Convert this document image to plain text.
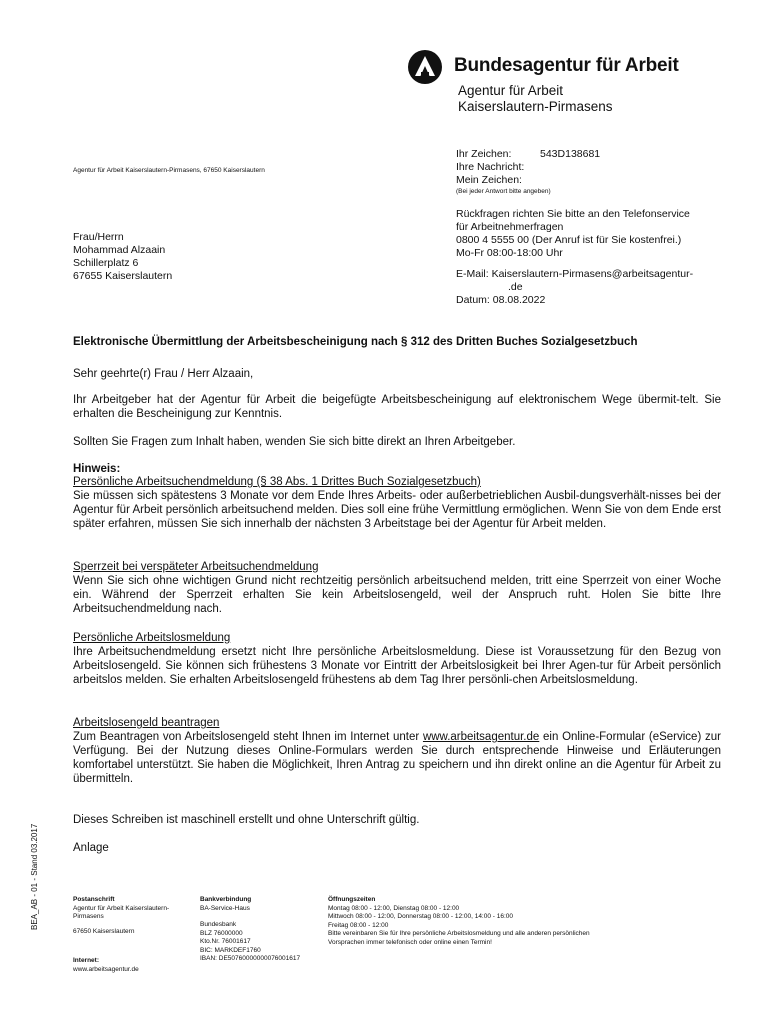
Bundesagentur für Arbeit
Agentur für Arbeit
Kaiserslautern-Pirmasens
Agentur für Arbeit Kaiserslautern-Pirmasens, 67650 Kaiserslautern
Ihr Zeichen:	543D138681
Ihre Nachricht:
Mein Zeichen:
(Bei jeder Antwort bitte angeben)
Frau/Herrn
Mohammad Alzaain
Schillerplatz 6
67655 Kaiserslautern
Rückfragen richten Sie bitte an den Telefonservice
für Arbeitnehmerfragen
0800 4 5555 00 (Der Anruf ist für Sie kostenfrei.)
Mo-Fr 08:00-18:00 Uhr
E-Mail: Kaiserslautern-Pirmasens@arbeitsagentur-
.de
Datum: 08.08.2022
Elektronische Übermittlung der Arbeitsbescheinigung nach § 312 des Dritten Buches Sozialgesetzbuch
Sehr geehrte(r) Frau / Herr Alzaain,
Ihr Arbeitgeber hat der Agentur für Arbeit die beigefügte Arbeitsbescheinigung auf elektronischem Wege übermit-telt. Sie erhalten die Bescheinigung zur Kenntnis.
Sollten Sie Fragen zum Inhalt haben, wenden Sie sich bitte direkt an Ihren Arbeitgeber.
Hinweis:

Persönliche Arbeitsuchendmeldung (§ 38 Abs. 1 Drittes Buch Sozialgesetzbuch)

Sie müssen sich spätestens 3 Monate vor dem Ende Ihres Arbeits- oder außerbetrieblichen Ausbil-dungsverhält-nisses bei der Agentur für Arbeit persönlich arbeitsuchend melden. Dies soll eine frühe Vermittlung ermöglichen. Wenn Sie von dem Ende erst später erfahren, müssen Sie sich innerhalb der nächsten 3 Arbeitstage bei der Agentur für Arbeit melden.

Sperrzeit bei verspäteter Arbeitsuchendmeldung

Wenn Sie sich ohne wichtigen Grund nicht rechtzeitig persönlich arbeitsuchend melden, tritt eine Sperrzeit von einer Woche ein. Während der Sperrzeit erhalten Sie kein Arbeitslosengeld, weil der Anspruch ruht. Holen Sie bitte Ihre Arbeitsuchendmeldung nach.

Persönliche Arbeitslosmeldung

Ihre Arbeitsuchendmeldung ersetzt nicht Ihre persönliche Arbeitslosmeldung. Diese ist Voraussetzung für den Bezug von Arbeitslosengeld. Sie können sich frühestens 3 Monate vor Eintritt der Arbeitslosigkeit bei Ihrer Agen-tur für Arbeit persönlich arbeitslos melden. Sie erhalten Arbeitslosengeld frühestens ab dem Tag Ihrer persönli-chen Arbeitslosmeldung.

Arbeitslosengeld beantragen

Zum Beantragen von Arbeitslosengeld steht Ihnen im Internet unter www.arbeitsagentur.de ein Online-Formular (eService) zur Verfügung. Bei der Nutzung dieses Online-Formulars werden Sie durch entsprechende Hinweise und Erläuterungen komfortabel unterstützt. Sie haben die Möglichkeit, Ihren Antrag zu speichern und ihn direkt online an die Agentur für Arbeit zu übermitteln.

Dieses Schreiben ist maschinell erstellt und ohne Unterschrift gültig.
Anlage
BEA_AB - 01 - Stand 03.2017	Postanschrift
Agentur für Arbeit Kaiserslautern-
Pirmasens
67650 Kaiserslautern
Internet:
www.arbeitsagentur.de
Bankverbindung
BA-Service-Haus
Bundesbank
BLZ 76000000
Kto.Nr. 76001617
BIC: MARKDEF1760
IBAN: DE50760000000076001617
Öffnungszeiten
Montag 08:00 - 12:00, Dienstag 08:00 - 12:00
Mittwoch 08:00 - 12:00, Donnerstag 08:00 - 12:00, 14:00 - 16:00
Freitag 08:00 - 12:00
Bitte vereinbaren Sie für Ihre persönliche Arbeitslosmeldung und alle anderen persönlichen
Vorsprachen immer telefonisch oder online einen Termin!
